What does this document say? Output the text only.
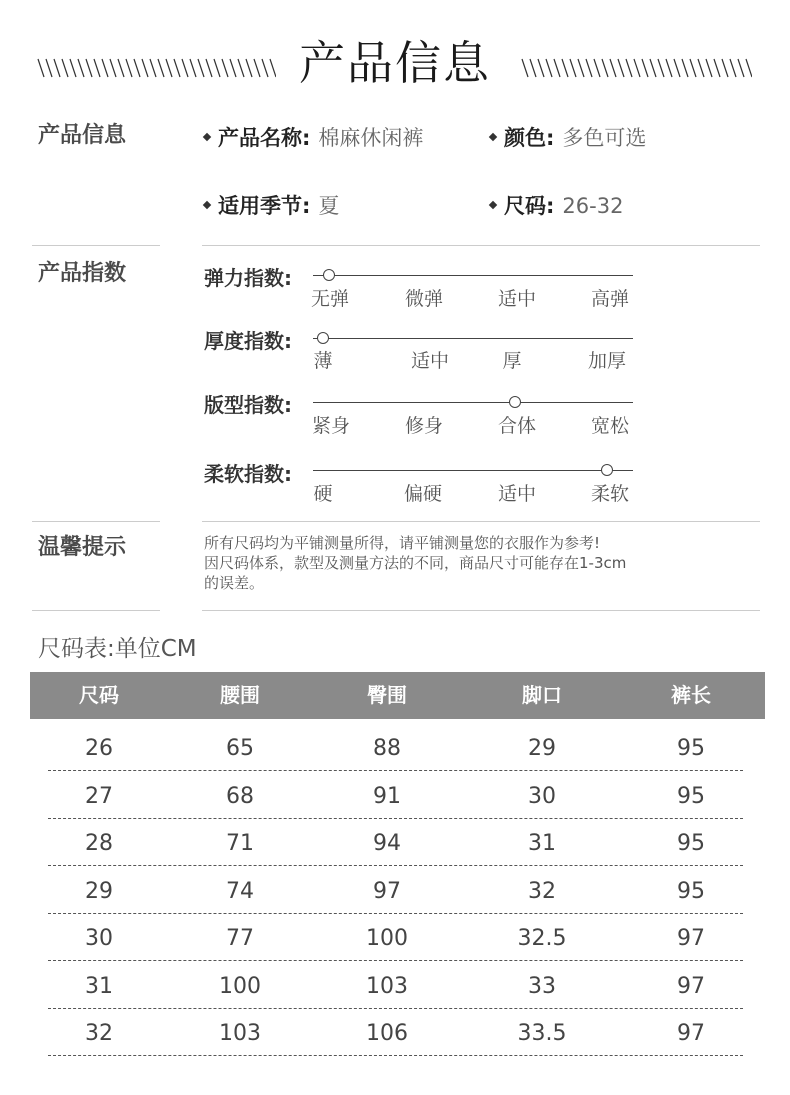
产品信息
产品信息	产品名称: 棉麻休闲裤	颜色: 多色可选
适用季节: 夏	尺码: 26-32
产品指数	弹力指数:
无弹	微弹	适中	高弹
厚度指数:
薄	适中	厚	加厚
版型指数:
紧身	修身	合体	宽松
柔软指数:
硬	偏硬	适中	柔软
温馨提示	所有尺码均为平铺测量所得，请平铺测量您的衣服作为参考!
因尺码体系，款型及测量方法的不同，商品尺寸可能存在1-3cm
的误差。
尺码表:单位CM
尺码	腰围	臀围	脚口	裤长
26	65	88	29	95
27	68	91	30	95
28	71	94	31	95
29	74	97	32	95
30	77	100	32.5	97
31	100	103	33	97
32	103	106	33.5	97
